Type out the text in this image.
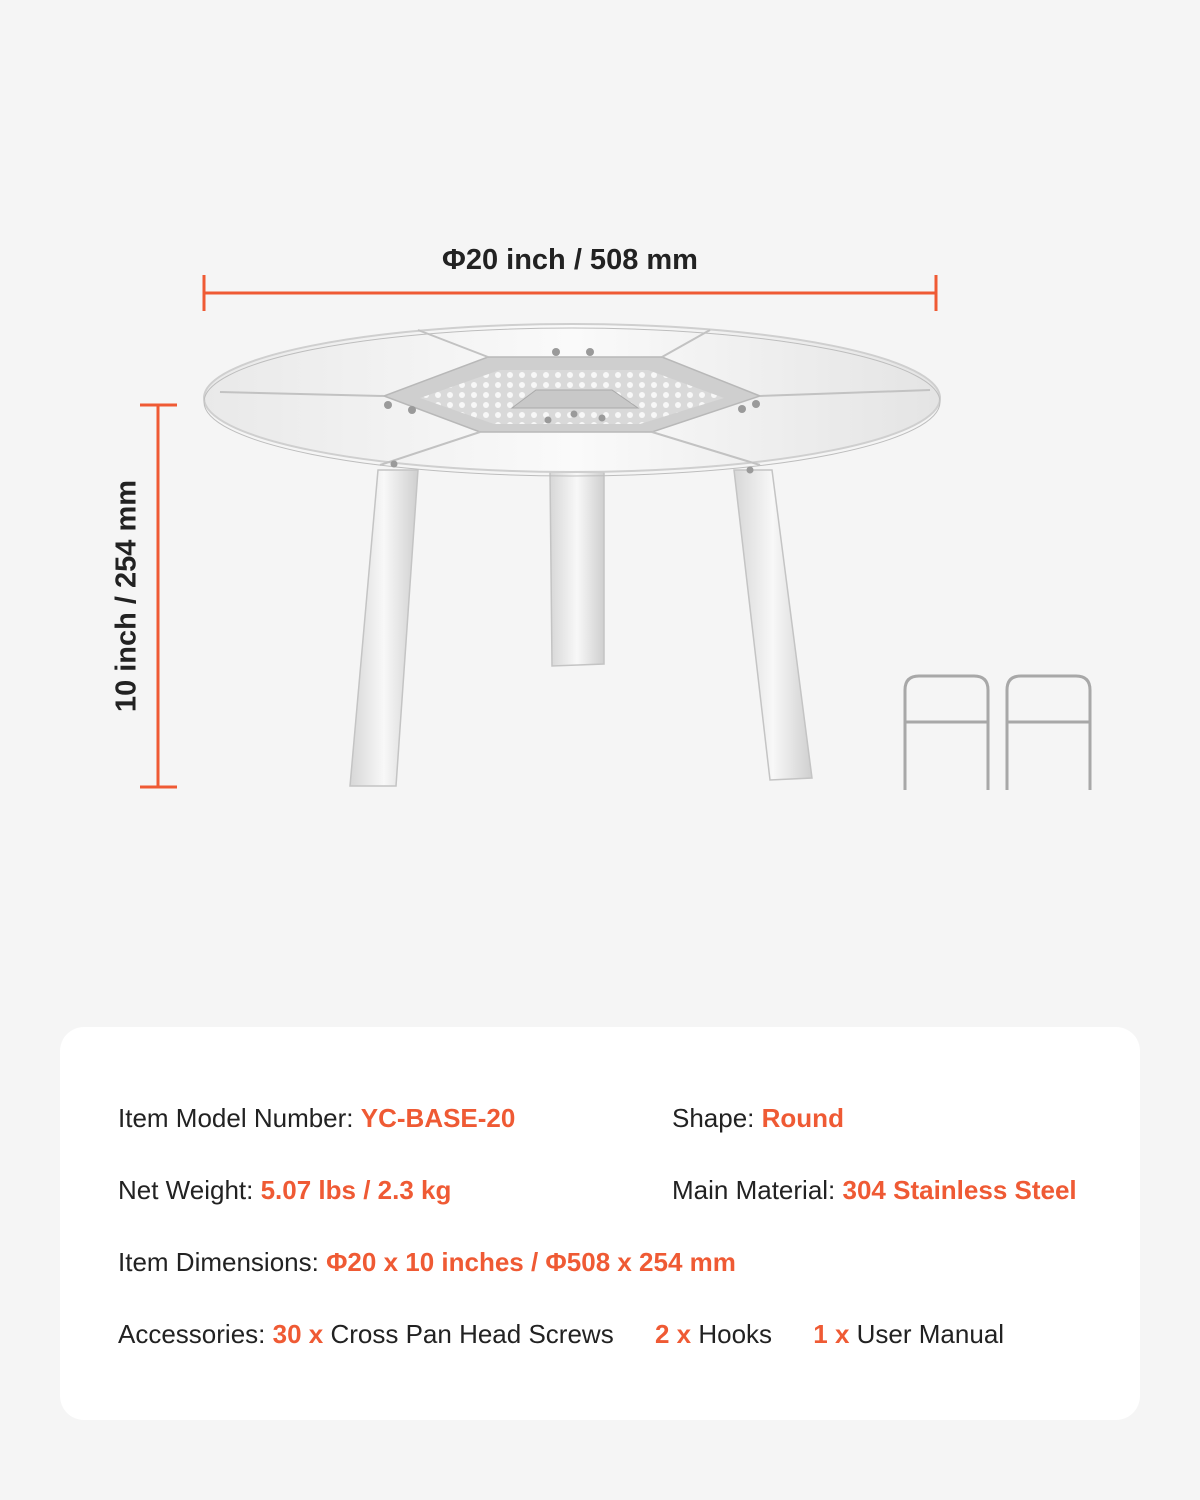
Φ20 inch / 508 mm
10 inch / 254 mm
Item Model Number: YC-BASE-20	Shape: Round
Net Weight: 5.07 lbs / 2.3 kg	Main Material: 304 Stainless Steel
Item Dimensions: Φ20 x 10 inches / Φ508 x 254 mm
Accessories: 30 x Cross Pan Head Screws 2 x Hooks 1 x User Manual
